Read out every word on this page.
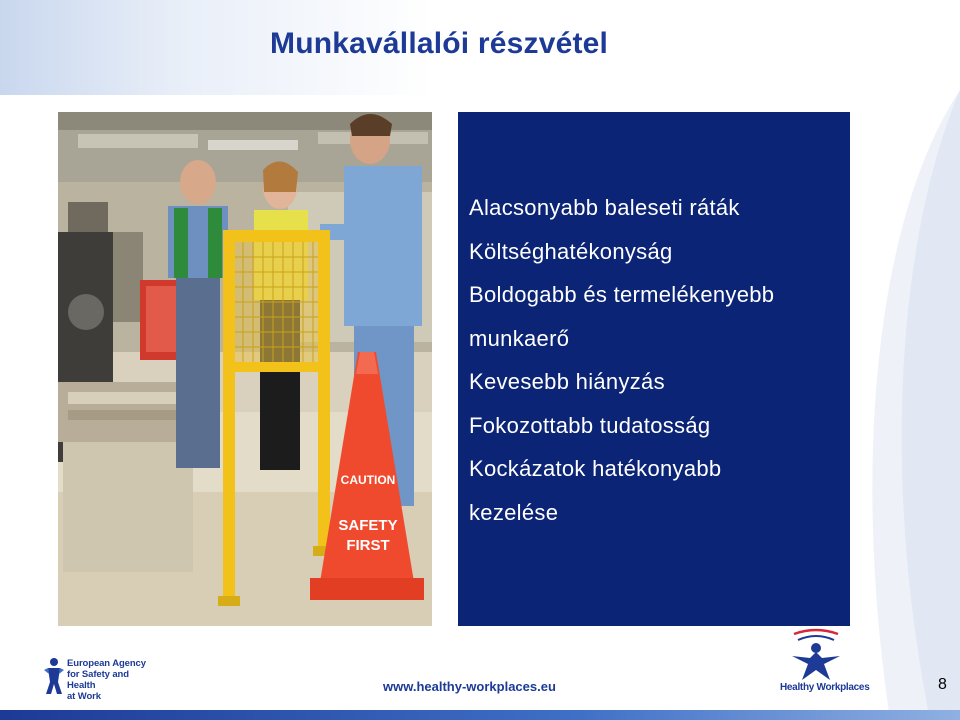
Munkavállalói részvétel
CAUTION
SAFETY
FIRST
Alacsonyabb baleseti ráták
Költséghatékonyság
Boldogabb és termelékenyebb
munkaerő
Kevesebb hiányzás
Fokozottabb tudatosság
Kockázatok hatékonyabb
kezelése
European Agency
for Safety and Health
at Work
www.healthy-workplaces.eu	Healthy Workplaces	8
